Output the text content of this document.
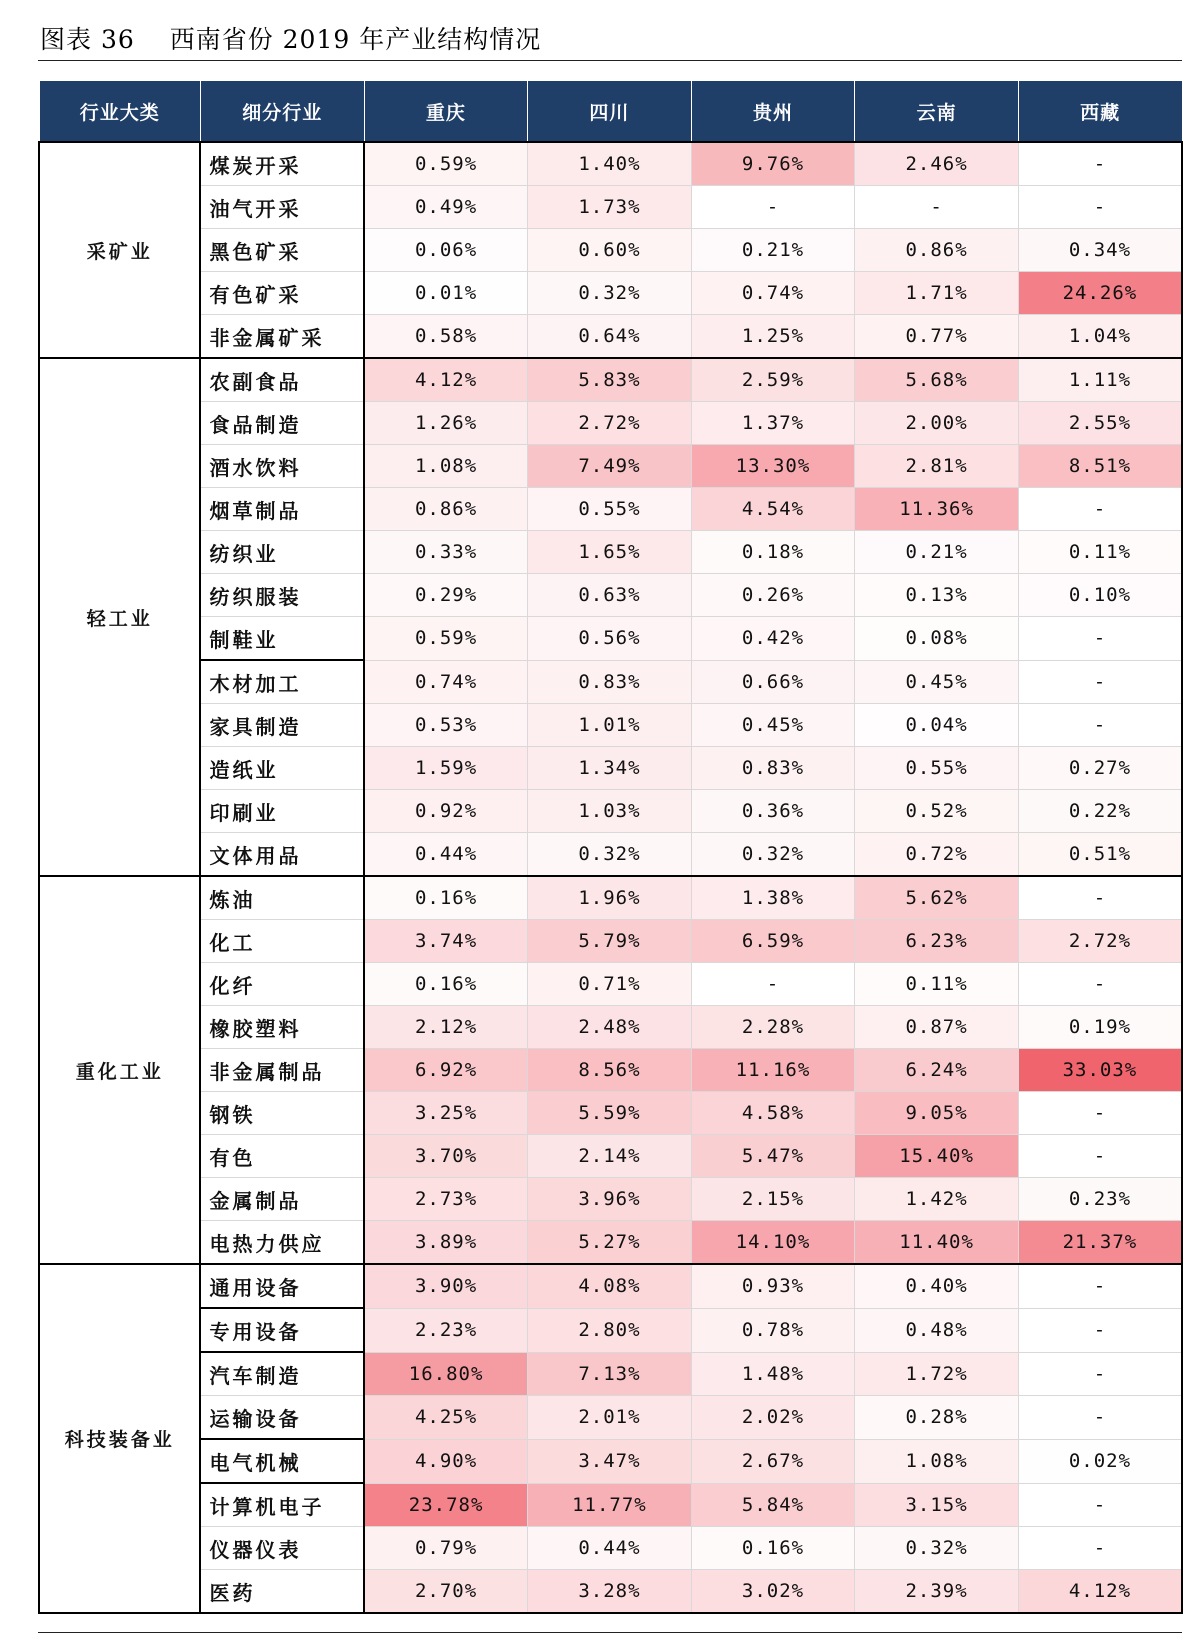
图表 36　 西南省份 2019 年产业结构情况
行业大类	细分行业	重庆	四川	贵州	云南	西藏
采矿业	煤炭开采	0.59%	1.40%	9.76%	2.46%	-
	油气开采	0.49%	1.73%	-	-	-
	黑色矿采	0.06%	0.60%	0.21%	0.86%	0.34%
	有色矿采	0.01%	0.32%	0.74%	1.71%	24.26%
	非金属矿采	0.58%	0.64%	1.25%	0.77%	1.04%
轻工业	农副食品	4.12%	5.83%	2.59%	5.68%	1.11%
	食品制造	1.26%	2.72%	1.37%	2.00%	2.55%
	酒水饮料	1.08%	7.49%	13.30%	2.81%	8.51%
	烟草制品	0.86%	0.55%	4.54%	11.36%	-
	纺织业	0.33%	1.65%	0.18%	0.21%	0.11%
	纺织服装	0.29%	0.63%	0.26%	0.13%	0.10%
	制鞋业	0.59%	0.56%	0.42%	0.08%	-
	木材加工	0.74%	0.83%	0.66%	0.45%	-
	家具制造	0.53%	1.01%	0.45%	0.04%	-
	造纸业	1.59%	1.34%	0.83%	0.55%	0.27%
	印刷业	0.92%	1.03%	0.36%	0.52%	0.22%
	文体用品	0.44%	0.32%	0.32%	0.72%	0.51%
重化工业	炼油	0.16%	1.96%	1.38%	5.62%	-
	化工	3.74%	5.79%	6.59%	6.23%	2.72%
	化纤	0.16%	0.71%	-	0.11%	-
	橡胶塑料	2.12%	2.48%	2.28%	0.87%	0.19%
	非金属制品	6.92%	8.56%	11.16%	6.24%	33.03%
	钢铁	3.25%	5.59%	4.58%	9.05%	-
	有色	3.70%	2.14%	5.47%	15.40%	-
	金属制品	2.73%	3.96%	2.15%	1.42%	0.23%
	电热力供应	3.89%	5.27%	14.10%	11.40%	21.37%
科技装备业	通用设备	3.90%	4.08%	0.93%	0.40%	-
	专用设备	2.23%	2.80%	0.78%	0.48%	-
	汽车制造	16.80%	7.13%	1.48%	1.72%	-
	运输设备	4.25%	2.01%	2.02%	0.28%	-
	电气机械	4.90%	3.47%	2.67%	1.08%	0.02%
	计算机电子	23.78%	11.77%	5.84%	3.15%	-
	仪器仪表	0.79%	0.44%	0.16%	0.32%	-
	医药	2.70%	3.28%	3.02%	2.39%	4.12%
